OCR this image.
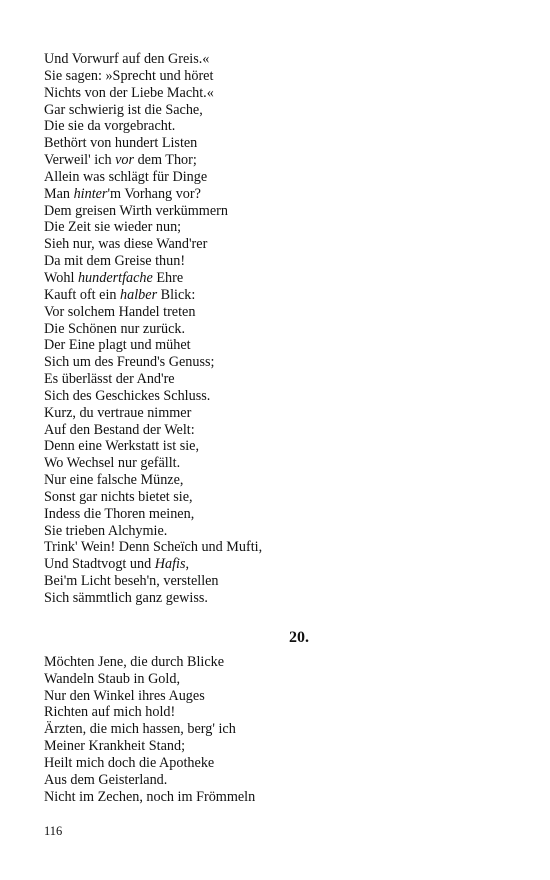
Und Vorwurf auf den Greis.«
Sie sagen: »Sprecht und höret
Nichts von der Liebe Macht.«
Gar schwierig ist die Sache,
Die sie da vorgebracht.
Bethört von hundert Listen
Verweil' ich vor dem Thor;
Allein was schlägt für Dinge
Man hinter'm Vorhang vor?
Dem greisen Wirth verkümmern
Die Zeit sie wieder nun;
Sieh nur, was diese Wand'rer
Da mit dem Greise thun!
Wohl hundertfache Ehre
Kauft oft ein halber Blick:
Vor solchem Handel treten
Die Schönen nur zurück.
Der Eine plagt und mühet
Sich um des Freund's Genuss;
Es überlässt der And're
Sich des Geschickes Schluss.
Kurz, du vertraue nimmer
Auf den Bestand der Welt:
Denn eine Werkstatt ist sie,
Wo Wechsel nur gefällt.
Nur eine falsche Münze,
Sonst gar nichts bietet sie,
Indess die Thoren meinen,
Sie trieben Alchymie.
Trink' Wein! Denn Scheïch und Mufti,
Und Stadtvogt und Hafis,
Bei'm Licht beseh'n, verstellen
Sich sämmtlich ganz gewiss.
20.
Möchten Jene, die durch Blicke
Wandeln Staub in Gold,
Nur den Winkel ihres Auges
Richten auf mich hold!
Ärzten, die mich hassen, berg' ich
Meiner Krankheit Stand;
Heilt mich doch die Apotheke
Aus dem Geisterland.
Nicht im Zechen, noch im Frömmeln
116
